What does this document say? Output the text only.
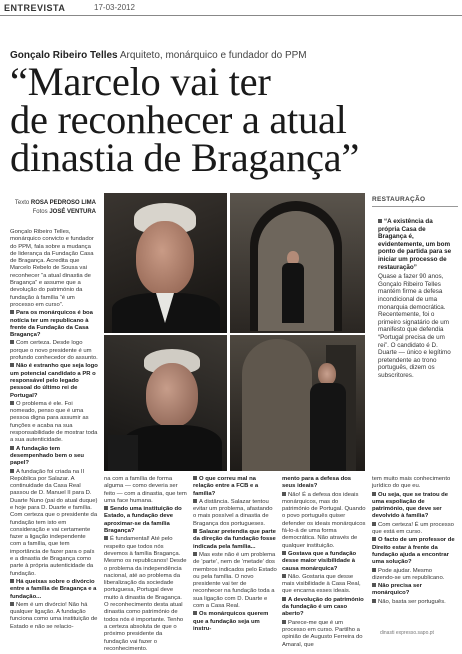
ENTREVISTA	17-03-2012
Gonçalo Ribeiro Telles Arquiteto, monárquico e fundador do PPM
“Marcelo vai ter
de reconhecer a atual
dinastia de Bragança”
Texto ROSA PEDROSO LIMA
Fotos JOSÉ VENTURA

Gonçalo Ribeiro Telles, monárquico convicto e fundador do PPM, fala sobre a mudança de liderança da Fundação Casa de Bragança. Acredita que Marcelo Rebelo de Sousa vai reconhecer “a atual dinastia de Bragança” e assume que a devolução do património da fundação à família “é um processo em curso”.

Para os monárquicos é boa notícia ter um republicano à frente da Fundação da Casa Bragança?

Com certeza. Desde logo porque o novo presidente é um profundo conhecedor do assunto.

Não é estranho que seja logo um potencial candidato a PR o responsável pelo legado pessoal do último rei de Portugal?

O problema é ele. Foi nomeado, penso que é uma pessoa digna para assumir as funções e acaba na sua responsabilidade de mostrar toda a sua autenticidade.

A fundação tem desempenhado bem o seu papel?

A fundação foi criada na II República por Salazar. A continuidade da Casa Real passou de D. Manuel II para D. Duarte Nuno (pai do atual duque) e hoje para D. Duarte e família. Com certeza que o presidente da fundação tem isto em consideração e vai certamente fazer a ligação independente com a família, que tem importância de fazer para o país e a dinastia de Bragança como parte à própria autenticidade da fundação.

Há queixas sobre o divórcio entre a família de Bragança e a fundação...

Nem é um divórcio! Não há qualquer ligação. A fundação funciona como uma instituição de Estado e não se relacio-

na com a família de forma alguma — como deveria ser feito — com a dinastia, que tem uma face humana.

Sendo uma instituição do Estado, a fundação deve aproximar-se da família Bragança?

É fundamental! Até pelo respeito que todos nós devemos à família Bragança. Mesmo os republicanos! Desde o problema da independência nacional, até ao problema da liberalização da sociedade portuguesa, Portugal deve muito à dinastia de Bragança. O reconhecimento desta atual dinastia como património de todos nós é importante. Tenho a certeza absoluta de que o próximo presidente da fundação vai fazer o reconhecimento.

O que correu mal na relação entre a FCB e a família?

A distância. Salazar tentou evitar um problema, afastando o mais possível a dinastia de Bragança dos portugueses.

Salazar pretendia que parte da direção da fundação fosse indicada pela família...

Mas este não é um problema de ‘parte’, nem de ‘metade’ dos membros indicados pelo Estado ou pela família. O novo presidente vai ter de reconhecer na fundação toda a sua ligação com D. Duarte e com a Casa Real.

Os monárquicos querem que a fundação seja um instru-

mento para a defesa dos seus ideais?

Não! É a defesa dos ideais monárquicos, mas do património de Portugal. Quando o povo português quiser defender os ideais monárquicos fá-lo-á de uma forma democrática. Não através de qualquer instituição.

Gostava que a fundação desse maior visibilidade à causa monárquica?

Não. Gostaria que desse mais visibilidade à Casa Real, que encarna esses ideais.

A devolução do património da fundação é um caso aberto?

Parece-me que é um processo em curso. Partilho a opinião de Augusto Ferreira do Amaral, que

tem muito mais conhecimento jurídico do que eu.

Ou seja, que se tratou de uma espoliação de património, que deve ser devolvido à família?

Com certeza! É um processo que está em curso.

O facto de um professor de Direito estar à frente da fundação ajuda a encontrar uma solução?

Pode ajudar. Mesmo dizendo-se um republicano.

Não precisa ser monárquico?

Não, basta ser português.

RESTAURAÇÃO

“A existência da própria Casa de Bragança é, evidentemente, um bom ponto de partida para se iniciar um processo de restauração”

Quase a fazer 90 anos, Gonçalo Ribeiro Telles mantém firme a defesa incondicional de uma monarquia democrática. Recentemente, foi o primeiro signatário de um manifesto que defendia “Portugal precisa de um rei”. O candidato é D. Duarte — único e legítimo pretendente ao trono português, dizem os subscritores.

dinasti expresso.sapo.pt
